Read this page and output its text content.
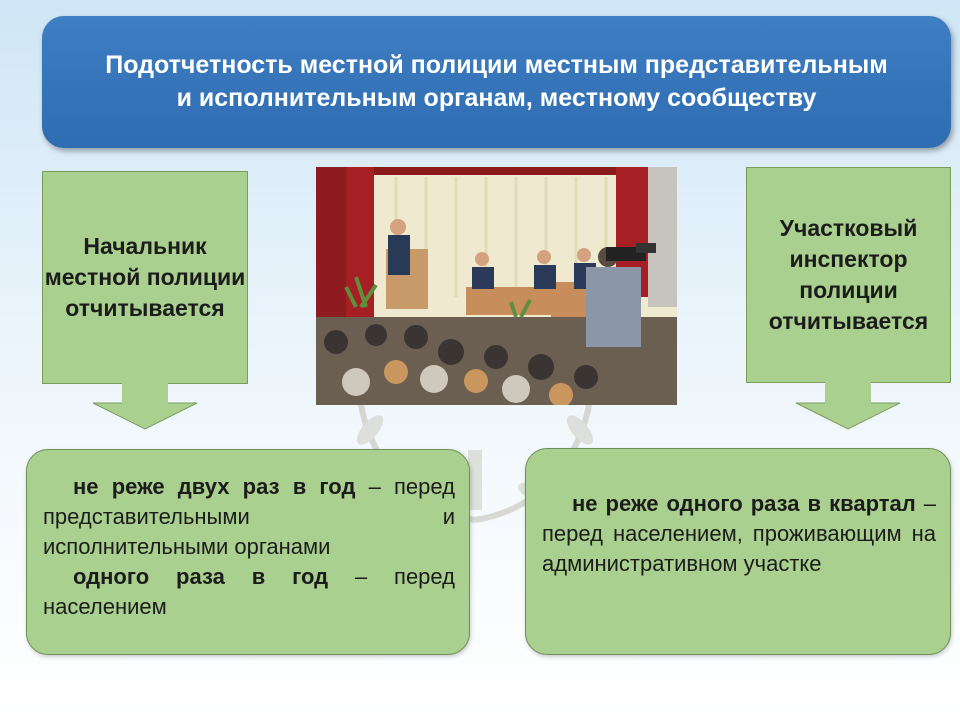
Подотчетность местной полиции местным представительным и исполнительным органам, местному сообществу
Начальник местной полиции отчитывается
Участковый инспектор полиции отчитывается

не реже двух раз в год – перед представительными и исполнительными органами

одного раза в год – перед населением

не реже одного раза в квартал – перед населением, проживающим на административном участке
